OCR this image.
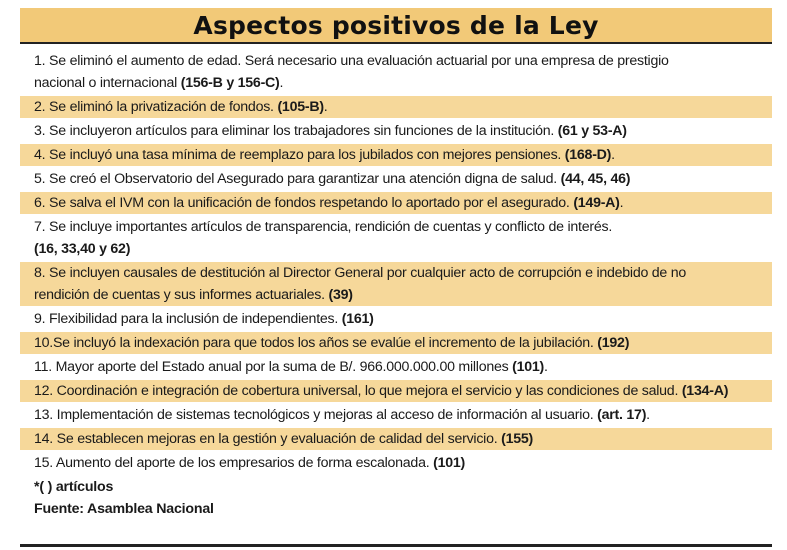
Aspectos positivos de la Ley
1. Se eliminó el aumento de edad. Será necesario una evaluación actuarial por una empresa de prestigio
nacional o internacional (156-B y 156-C).
2. Se eliminó la privatización de fondos. (105-B).
3. Se incluyeron artículos para eliminar los trabajadores sin funciones de la institución. (61 y 53-A)
4. Se incluyó una tasa mínima de reemplazo para los jubilados con mejores pensiones. (168-D).
5. Se creó el Observatorio del Asegurado para garantizar una atención digna de salud. (44, 45, 46)
6. Se salva el IVM con la unificación de fondos respetando lo aportado por el asegurado. (149-A).
7. Se incluye importantes artículos de transparencia, rendición de cuentas y conflicto de interés.
(16, 33,40 y 62)
8. Se incluyen causales de destitución al Director General por cualquier acto de corrupción e indebido de no
rendición de cuentas y sus informes actuariales. (39)
9. Flexibilidad para la inclusión de independientes. (161)
10.Se incluyó la indexación para que todos los años se evalúe el incremento de la jubilación. (192)
11. Mayor aporte del Estado anual por la suma de B/. 966.000.000.00 millones (101).
12. Coordinación e integración de cobertura universal, lo que mejora el servicio y las condiciones de salud. (134-A)
13. Implementación de sistemas tecnológicos y mejoras al acceso de información al usuario. (art. 17).
14. Se establecen mejoras en la gestión y evaluación de calidad del servicio. (155)
15. Aumento del aporte de los empresarios de forma escalonada. (101)
*( ) artículos
Fuente: Asamblea Nacional
